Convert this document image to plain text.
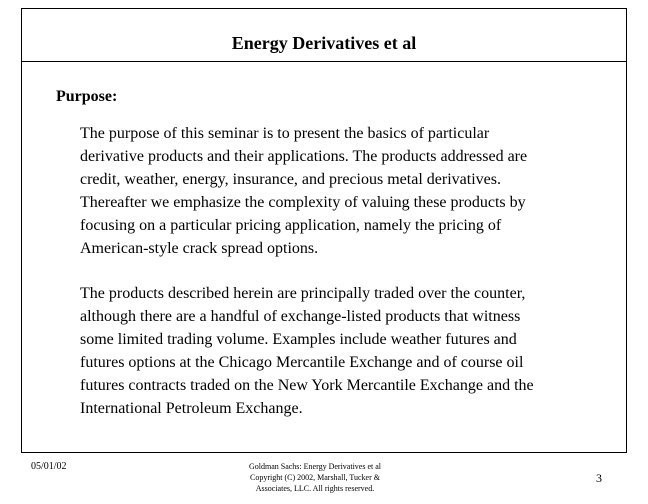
Energy Derivatives et al
Purpose:

The purpose of this seminar is to present the basics of particular
derivative products and their applications. The products addressed are
credit, weather, energy, insurance, and precious metal derivatives.
Thereafter we emphasize the complexity of valuing these products by
focusing on a particular pricing application, namely the pricing of
American-style crack spread options.

The products described herein are principally traded over the counter,
although there are a handful of exchange-listed products that witness
some limited trading volume. Examples include weather futures and
futures options at the Chicago Mercantile Exchange and of course oil
futures contracts traded on the New York Mercantile Exchange and the
International Petroleum Exchange.

05/01/02	Goldman Sachs: Energy Derivatives et al
Copyright (C) 2002, Marshall, Tucker &
Associates, LLC. All rights reserved.
3
